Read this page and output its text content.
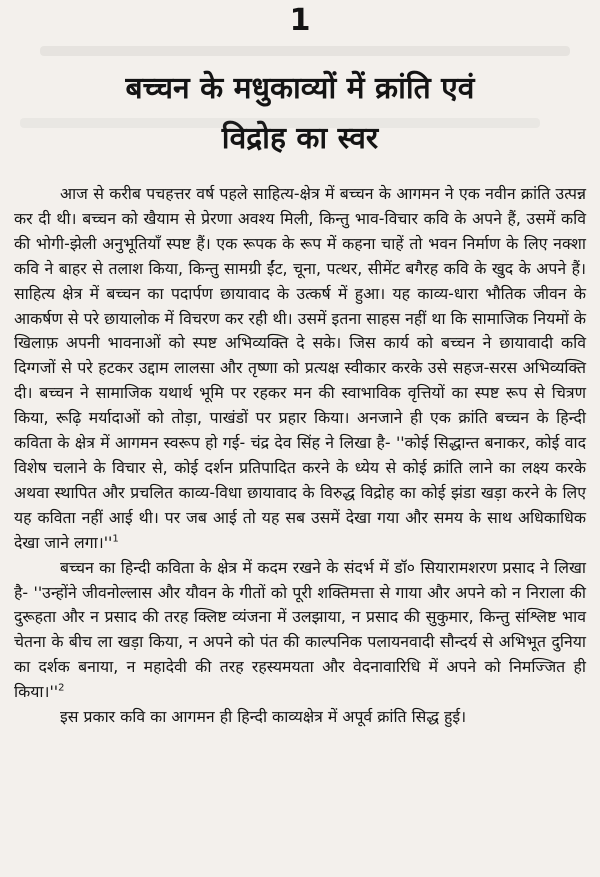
1
बच्चन के मधुकाव्यों में क्रांति एवं
विद्रोह का स्वर

आज से करीब पचहत्तर वर्ष पहले साहित्य-क्षेत्र में बच्चन के आगमन ने एक नवीन क्रांति उत्पन्न कर दी थी। बच्चन को खैयाम से प्रेरणा अवश्य मिली, किन्तु भाव-विचार कवि के अपने हैं, उसमें कवि की भोगी-झेली अनुभूतियाँ स्पष्ट हैं। एक रूपक के रूप में कहना चाहें तो भवन निर्माण के लिए नक्शा कवि ने बाहर से तलाश किया, किन्तु सामग्री ईंट, चूना, पत्थर, सीमेंट बगैरह कवि के खुद के अपने हैं। साहित्य क्षेत्र में बच्चन का पदार्पण छायावाद के उत्कर्ष में हुआ। यह काव्य-धारा भौतिक जीवन के आकर्षण से परे छायालोक में विचरण कर रही थी। उसमें इतना साहस नहीं था कि सामाजिक नियमों के खिलाफ़ अपनी भावनाओं को स्पष्ट अभिव्यक्ति दे सके। जिस कार्य को बच्चन ने छायावादी कवि दिग्गजों से परे हटकर उद्दाम लालसा और तृष्णा को प्रत्यक्ष स्वीकार करके उसे सहज-सरस अभिव्यक्ति दी। बच्चन ने सामाजिक यथार्थ भूमि पर रहकर मन की स्वाभाविक वृत्तियों का स्पष्ट रूप से चित्रण किया, रूढ़ि मर्यादाओं को तोड़ा, पाखंडों पर प्रहार किया। अनजाने ही एक क्रांति बच्चन के हिन्दी कविता के क्षेत्र में आगमन स्वरूप हो गई- चंद्र देव सिंह ने लिखा है- ''कोई सिद्धान्त बनाकर, कोई वाद विशेष चलाने के विचार से, कोई दर्शन प्रतिपादित करने के ध्येय से कोई क्रांति लाने का लक्ष्य करके अथवा स्थापित और प्रचलित काव्य-विधा छायावाद के विरुद्ध विद्रोह का कोई झंडा खड़ा करने के लिए यह कविता नहीं आई थी। पर जब आई तो यह सब उसमें देखा गया और समय के साथ अधिकाधिक देखा जाने $लगा।''^1$

बच्चन का हिन्दी कविता के क्षेत्र में कदम रखने के संदर्भ में डॉ० सियारामशरण प्रसाद ने लिखा है- ''उन्होंने जीवनोल्लास और यौवन के गीतों को पूरी शक्तिमत्ता से गाया और अपने को न निराला की दुरूहता और न प्रसाद की तरह क्लिष्ट व्यंजना में उलझाया, न प्रसाद की सुकुमार, किन्तु संश्लिष्ट भाव चेतना के बीच ला खड़ा किया, न अपने को पंत की काल्पनिक पलायनवादी सौन्दर्य से अभिभूत दुनिया का दर्शक बनाया, न महादेवी की तरह रहस्यमयता और वेदनावारिधि में अपने को निमज्जित ही $किया।''^2$

इस प्रकार कवि का आगमन ही हिन्दी काव्यक्षेत्र में अपूर्व क्रांति सिद्ध हुई।
